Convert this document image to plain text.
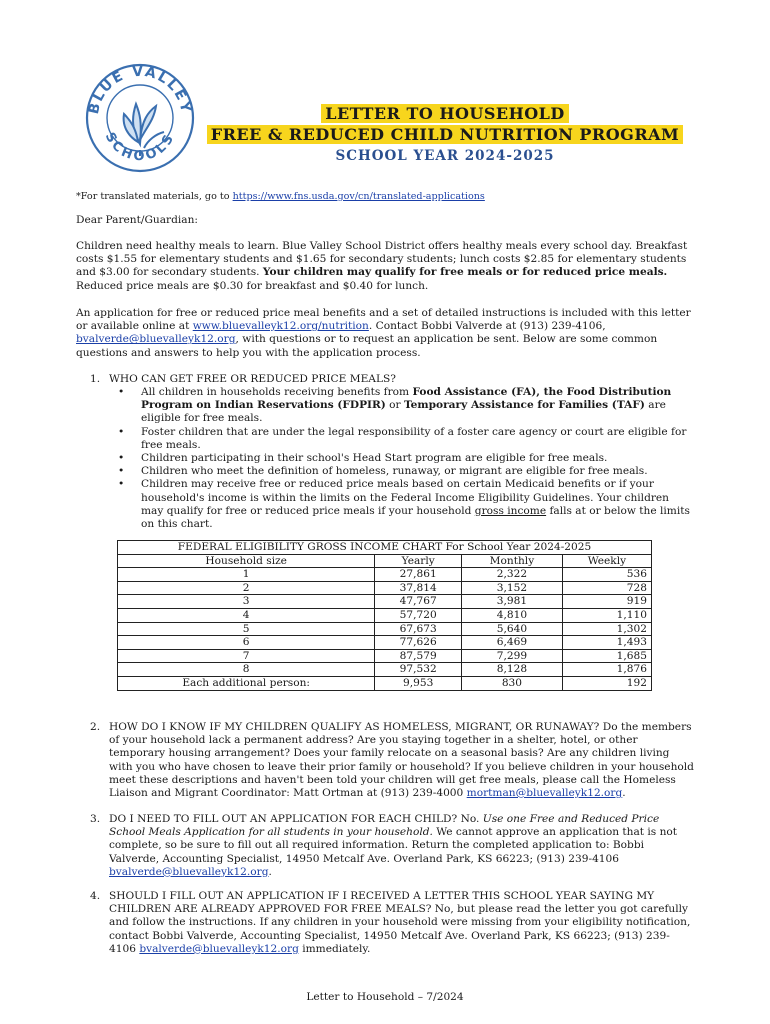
BLUE VALLEY
SCHOOLS
LETTER TO HOUSEHOLD
FREE & REDUCED CHILD NUTRITION PROGRAM
SCHOOL YEAR 2024-2025
*For translated materials, go to https://www.fns.usda.gov/cn/translated-applications
Dear Parent/Guardian:
Children need healthy meals to learn. Blue Valley School District offers healthy meals every school day. Breakfast costs $1.55 for elementary students and $1.65 for secondary students; lunch costs $2.85 for elementary students and $3.00 for secondary students. Your children may qualify for free meals or for reduced price meals. Reduced price meals are $0.30 for breakfast and $0.40 for lunch.
An application for free or reduced price meal benefits and a set of detailed instructions is included with this letter or available online at www.bluevalleyk12.org/nutrition. Contact Bobbi Valverde at (913) 239-4106, bvalverde@bluevalleyk12.org, with questions or to request an application be sent. Below are some common questions and answers to help you with the application process.
1. WHO CAN GET FREE OR REDUCED PRICE MEALS?
• All children in households receiving benefits from Food Assistance (FA), the Food Distribution Program on Indian Reservations (FDPIR) or Temporary Assistance for Families (TAF) are eligible for free meals.
• Foster children that are under the legal responsibility of a foster care agency or court are eligible for free meals.
• Children participating in their school's Head Start program are eligible for free meals.
• Children who meet the definition of homeless, runaway, or migrant are eligible for free meals.
• Children may receive free or reduced price meals based on certain Medicaid benefits or if your household's income is within the limits on the Federal Income Eligibility Guidelines. Your children may qualify for free or reduced price meals if your household gross income falls at or below the limits on this chart.
FEDERAL ELIGIBILITY GROSS INCOME CHART For School Year 2024-2025			
Household size	Yearly	Monthly	Weekly
1	27,861	2,322	536
2	37,814	3,152	728
3	47,767	3,981	919
4	57,720	4,810	1,110
5	67,673	5,640	1,302
6	77,626	6,469	1,493
7	87,579	7,299	1,685
8	97,532	8,128	1,876
Each additional person:	9,953	830	192
2. HOW DO I KNOW IF MY CHILDREN QUALIFY AS HOMELESS, MIGRANT, OR RUNAWAY? Do the members of your household lack a permanent address? Are you staying together in a shelter, hotel, or other temporary housing arrangement? Does your family relocate on a seasonal basis? Are any children living with you who have chosen to leave their prior family or household? If you believe children in your household meet these descriptions and haven't been told your children will get free meals, please call the Homeless Liaison and Migrant Coordinator: Matt Ortman at (913) 239-4000 mortman@bluevalleyk12.org.
3. DO I NEED TO FILL OUT AN APPLICATION FOR EACH CHILD? No. Use one Free and Reduced Price School Meals Application for all students in your household. We cannot approve an application that is not complete, so be sure to fill out all required information. Return the completed application to: Bobbi Valverde, Accounting Specialist, 14950 Metcalf Ave. Overland Park, KS 66223; (913) 239-4106 bvalverde@bluevalleyk12.org.
4. SHOULD I FILL OUT AN APPLICATION IF I RECEIVED A LETTER THIS SCHOOL YEAR SAYING MY CHILDREN ARE ALREADY APPROVED FOR FREE MEALS? No, but please read the letter you got carefully and follow the instructions. If any children in your household were missing from your eligibility notification, contact Bobbi Valverde, Accounting Specialist, 14950 Metcalf Ave. Overland Park, KS 66223; (913) 239-4106 bvalverde@bluevalleyk12.org immediately.
Letter to Household – 7/2024
